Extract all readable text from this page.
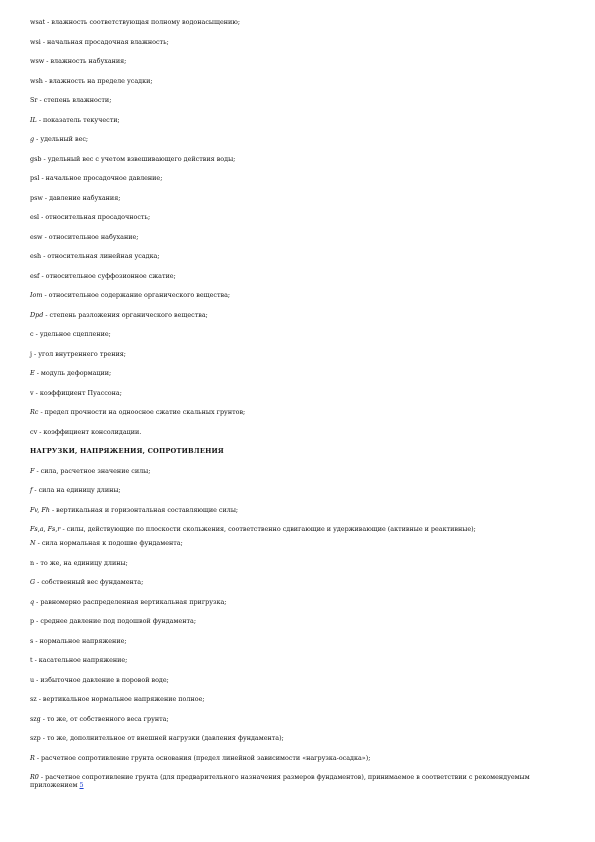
wsat - влажность соответствующая полному водонасыщению;
wsi - начальная просадочная влажность;
wsw - влажность набухания;
wsh - влажность на пределе усадки;
Sr - степень влажности;
IL - показатель текучести;
g - удельный вес;
gsb - удельный вес с учетом взвешивающего действия воды;
psl - начальное просадочное давление;
psw - давление набухания;
esl - относительная просадочность;
esw - относительное набухание;
esh - относительная линейная усадка;
esf - относительное суффозионное сжатие;
Iom - относительное содержание органического вещества;
Dpd - степень разложения органического вещества;
c - удельное сцепление;
j - угол внутреннего трения;
E - модуль деформации;
v - коэффициент Пуассона;
Rc - предел прочности на одноосное сжатие скальных грунтов;
cv - коэффициент консолидации.
НАГРУЗКИ, НАПРЯЖЕНИЯ, СОПРОТИВЛЕНИЯ
F - сила, расчетное значение силы;
f - сила на единицу длины;
Fv, Fh - вертикальная и горизонтальная составляющие силы;
Fs,a, Fs,r - силы, действующие по плоскости скольжения, соответственно сдвигающие и удерживающие (активные и реактивные);
N - сила нормальная к подошве фундамента;
n - то же, на единицу длины;
G - собственный вес фундамента;
q - равномерно распределенная вертикальная пригрузка;
p - среднее давление под подошвой фундамента;
s - нормальное напряжение;
t - касательное напряжение;
u - избыточное давление в поровой воде;
sz - вертикальное нормальное напряжение полное;
szg - то же, от собственного веса грунта;
szp - то же, дополнительное от внешней нагрузки (давления фундамента);
R - расчетное сопротивление грунта основания (предел линейной зависимости «нагрузка-осадка»);
R0 - расчетное сопротивление грунта (для предварительного назначения размеров фундаментов), принимаемое в соответствии с рекомендуемым приложением 5
